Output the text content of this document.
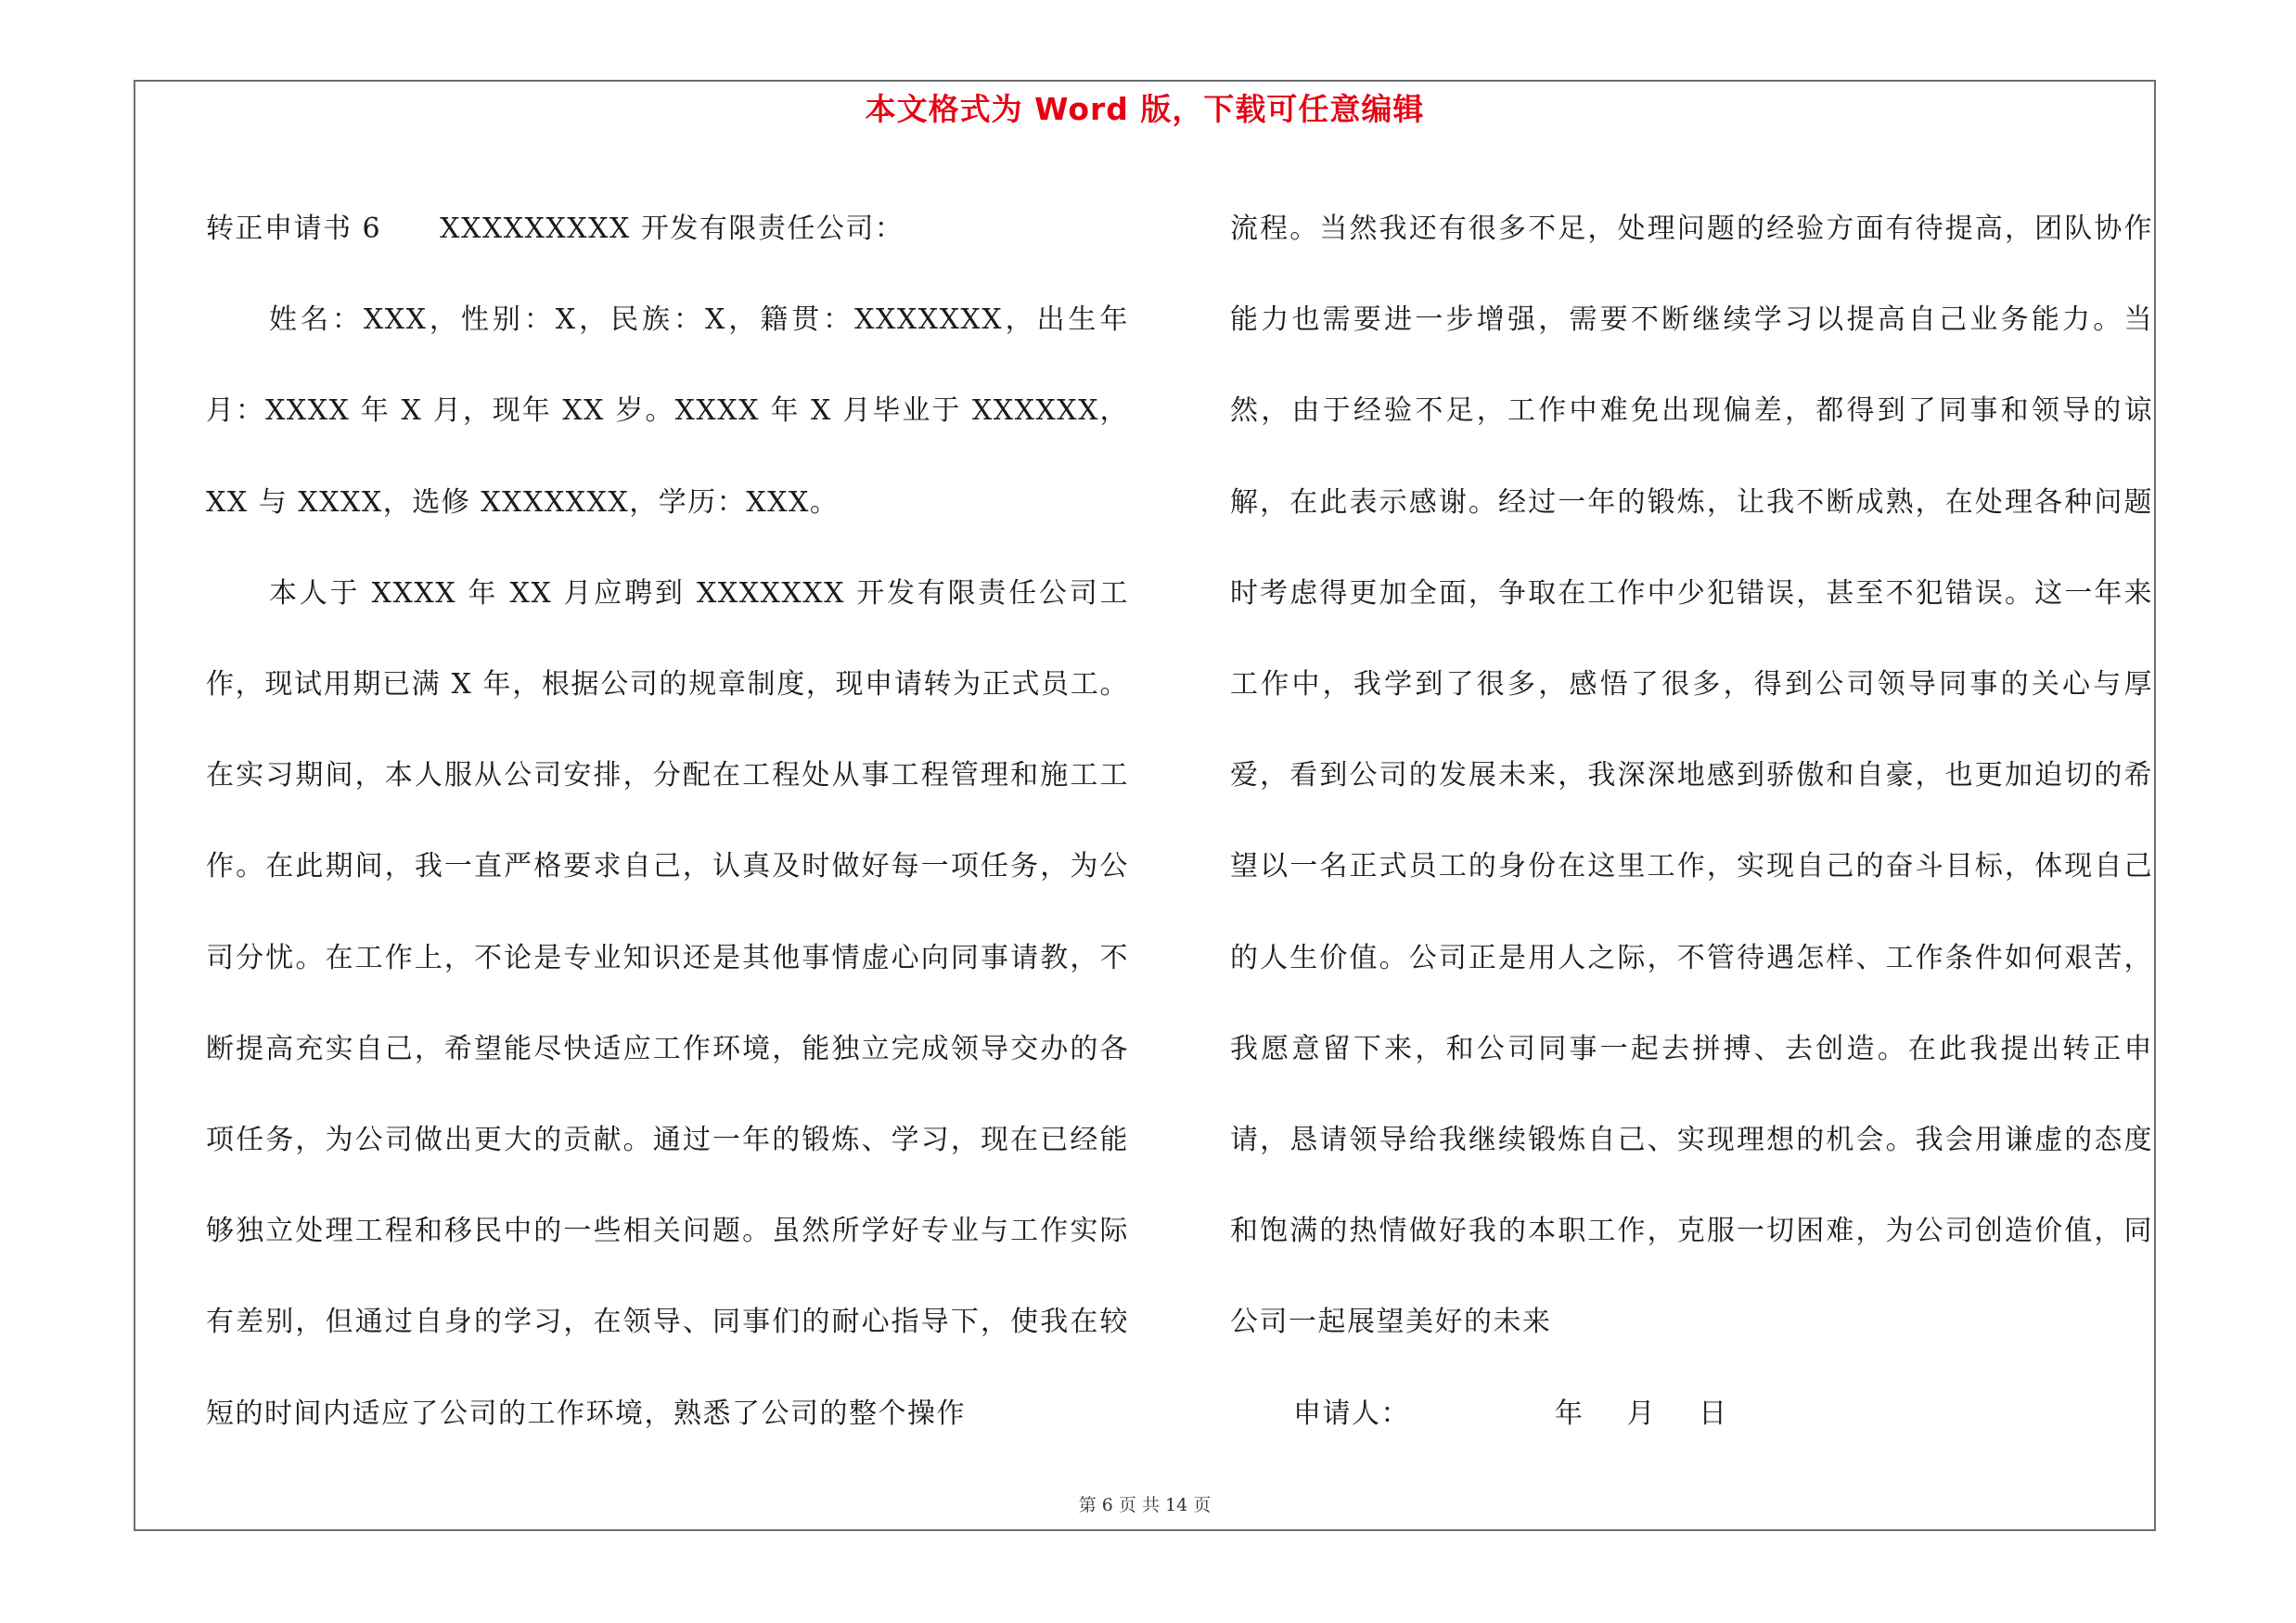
本文格式为 Word 版，下载可任意编辑

转正申请书 6　　XXXXXXXXX 开发有限责任公司：

姓名：XXX，性别：X，民族：X，籍贯：XXXXXXX，出生年月：XXXX 年 X 月，现年 XX 岁。XXXX 年 X 月毕业于 XXXXXX，XX 与 XXXX，选修 XXXXXXX，学历：XXX。

本人于 XXXX 年 XX 月应聘到 XXXXXXX 开发有限责任公司工作，现试用期已满 X 年，根据公司的规章制度，现申请转为正式员工。在实习期间，本人服从公司安排，分配在工程处从事工程管理和施工工作。在此期间，我一直严格要求自己，认真及时做好每一项任务，为公司分忧。在工作上，不论是专业知识还是其他事情虚心向同事请教，不断提高充实自己，希望能尽快适应工作环境，能独立完成领导交办的各项任务，为公司做出更大的贡献。通过一年的锻炼、学习，现在已经能够独立处理工程和移民中的一些相关问题。虽然所学好专业与工作实际有差别，但通过自身的学习，在领导、同事们的耐心指导下，使我在较短的时间内适应了公司的工作环境，熟悉了公司的整个操作

流程。当然我还有很多不足，处理问题的经验方面有待提高，团队协作能力也需要进一步增强，需要不断继续学习以提高自己业务能力。当然，由于经验不足，工作中难免出现偏差，都得到了同事和领导的谅解，在此表示感谢。经过一年的锻炼，让我不断成熟，在处理各种问题时考虑得更加全面，争取在工作中少犯错误，甚至不犯错误。这一年来工作中，我学到了很多，感悟了很多，得到公司领导同事的关心与厚爱，看到公司的发展未来，我深深地感到骄傲和自豪，也更加迫切的希望以一名正式员工的身份在这里工作，实现自己的奋斗目标，体现自己的人生价值。公司正是用人之际，不管待遇怎样、工作条件如何艰苦，我愿意留下来，和公司同事一起去拼搏、去创造。在此我提出转正申请，恳请领导给我继续锻炼自己、实现理想的机会。我会用谦虚的态度和饱满的热情做好我的本职工作，克服一切困难，为公司创造价值，同公司一起展望美好的未来

申请人：	年  月  日
第 6 页 共 14 页
